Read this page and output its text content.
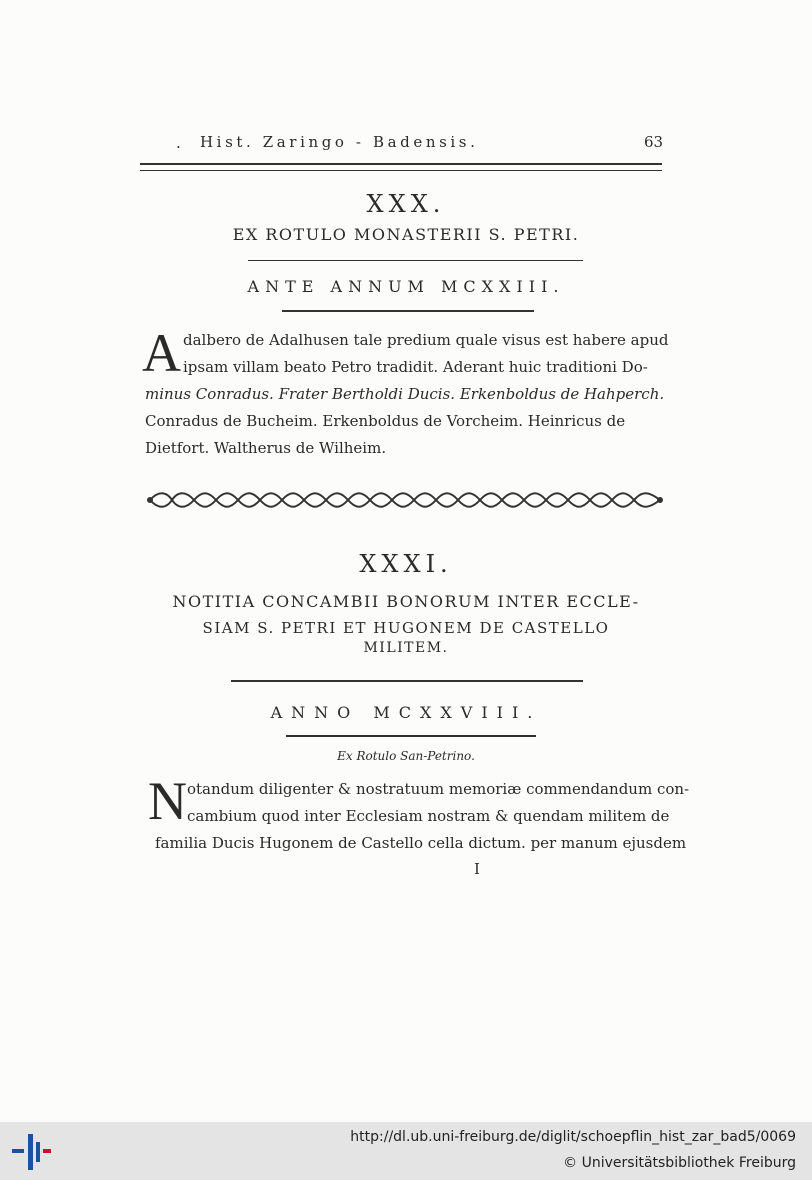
. Hist. Zaringo - Badensis.	63
XXX.
EX ROTULO MONASTERII S. PETRI.
ANTE ANNUM MCXXIII.
A dalbero de Adalhusen tale predium quale visus est habere apud
ipsam villam beato Petro tradidit. Aderant huic traditioni Do-
minus Conradus. Frater Bertholdi Ducis. Erkenboldus de Hahperch.
Conradus de Bucheim. Erkenboldus de Vorcheim. Heinricus de
Dietfort. Waltherus de Wilheim.
XXXI.
NOTITIA CONCAMBII BONORUM INTER ECCLE-
SIAM S. PETRI ET HUGONEM DE CASTELLO
MILITEM.
ANNO MCXXVIII.
Ex Rotulo San-Petrino.
N otandum diligenter & nostratuum memoriæ commendandum con-
cambium quod inter Ecclesiam nostram & quendam militem de
familia Ducis Hugonem de Castello cella dictum. per manum ejusdem
I
http://dl.ub.uni-freiburg.de/diglit/schoepflin_hist_zar_bad5/0069
© Universitätsbibliothek Freiburg
